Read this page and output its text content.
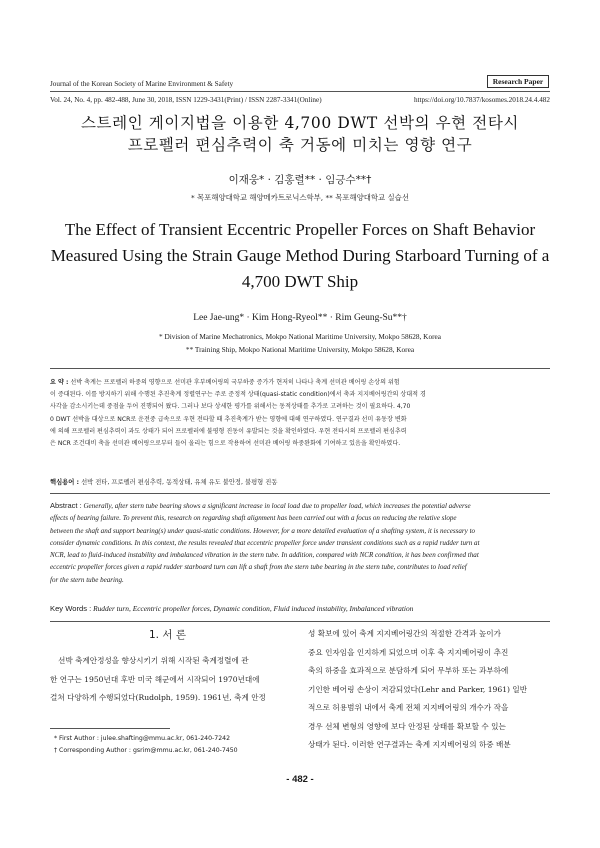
Journal of the Korean Society of Marine Environment & Safety	Research Paper
Vol. 24, No. 4, pp. 482-488, June 30, 2018, ISSN 1229-3431(Print) / ISSN 2287-3341(Online)	https://doi.org/10.7837/kosomes.2018.24.4.482
스트레인 게이지법을 이용한 4,700 DWT 선박의 우현 전타시
프로펠러 편심추력이 축 거동에 미치는 영향 연구
이재웅* · 김홍렬** · 임긍수**†
* 목포해양대학교 해양메카트로닉스학부, ** 목포해양대학교 실습선
The Effect of Transient Eccentric Propeller Forces on Shaft Behavior
Measured Using the Strain Gauge Method During Starboard Turning of a
4,700 DWT Ship
Lee Jae-ung* · Kim Hong-Ryeol** · Rim Geung-Su**†
* Division of Marine Mechatronics, Mokpo National Maritime University, Mokpo 58628, Korea
** Training Ship, Mokpo National Maritime University, Mokpo 58628, Korea
요 약 : 선박 축계는 프로펠러 하중의 영향으로 선미관 후부베어링의 국부하중 증가가 현저히 나타나 축계 선미관 베어링 손상의 위험
이 증대된다. 이를 방지하기 위해 수행된 추진축계 정렬연구는 주로 준정적 상태(quasi-static condition)에서 축과 지지베어링간의 상대적 경
사각을 감소시키는데 중점을 두어 진행되어 왔다. 그러나 보다 상세한 평가를 위해서는 동적상태를 추가로 고려하는 것이 필요하다. 4,70
0 DWT 선박을 대상으로 NCR로 운전중 급속으로 우현 전타할 때 추진축계가 받는 영향에 대해 연구하였다. 연구결과 선미 유동장 변화
에 의해 프로펠러 편심추력이 과도 상태가 되어 프로펠러에 불평형 진동이 유발되는 것을 확인하였다. 우현 전타시의 프로펠러 편심추력
은 NCR 조건대비 축을 선미관 베어링으로부터 들어 올리는 힘으로 작용하여 선미관 베어링 하중완화에 기여하고 있음을 확인하였다.
핵심용어 : 선박 전타, 프로펠러 편심추력, 동적상태, 유체 유도 불안정, 불평형 진동
Abstract : Generally, after stern tube bearing shows a significant increase in local load due to propeller load, which increases the potential adverse
effects of bearing failure. To prevent this, research on regarding shaft alignment has been carried out with a focus on reducing the relative slope
between the shaft and support bearing(s) under quasi-static conditions. However, for a more detailed evaluation of a shafting system, it is necessary to
consider dynamic conditions. In this context, the results revealed that eccentric propeller force under transient conditions such as a rapid rudder turn at
NCR, lead to fluid-induced instability and imbalanced vibration in the stern tube. In addition, compared with NCR condition, it has been confirmed that
eccentric propeller forces given a rapid rudder starboard turn can lift a shaft from the stern tube bearing in the stern tube, contributes to load relief
for the stern tube bearing.
Key Words : Rudder turn, Eccentric propeller forces, Dynamic condition, Fluid induced instability, Imbalanced vibration
1. 서 론
선박 축계안정성을 향상시키기 위해 시작된 축계정렬에 관
한 연구는 1950년대 후반 미국 해군에서 시작되어 1970년대에
걸쳐 다양하게 수행되었다(Rudolph, 1959). 1961년, 축계 안정
성 확보에 있어 축계 지지베어링간의 적절한 간격과 높이가
중요 인자임을 인지하게 되었으며 이후 축 지지베어링이 추진
축의 하중을 효과적으로 분담하게 되어 무부하 또는 과부하에
기인한 베어링 손상이 저감되었다(Lehr and Parker, 1961) 일반
적으로 허용범위 내에서 축계 전체 지지베어링의 개수가 작을
경우 선체 변형의 영향에 보다 안정된 상태를 확보할 수 있는
상태가 된다. 이러한 연구결과는 축계 지지베어링의 하중 배분
* First Author : julee.shafting@mmu.ac.kr, 061-240-7242
† Corresponding Author : gsrim@mmu.ac.kr, 061-240-7450
- 482 -
